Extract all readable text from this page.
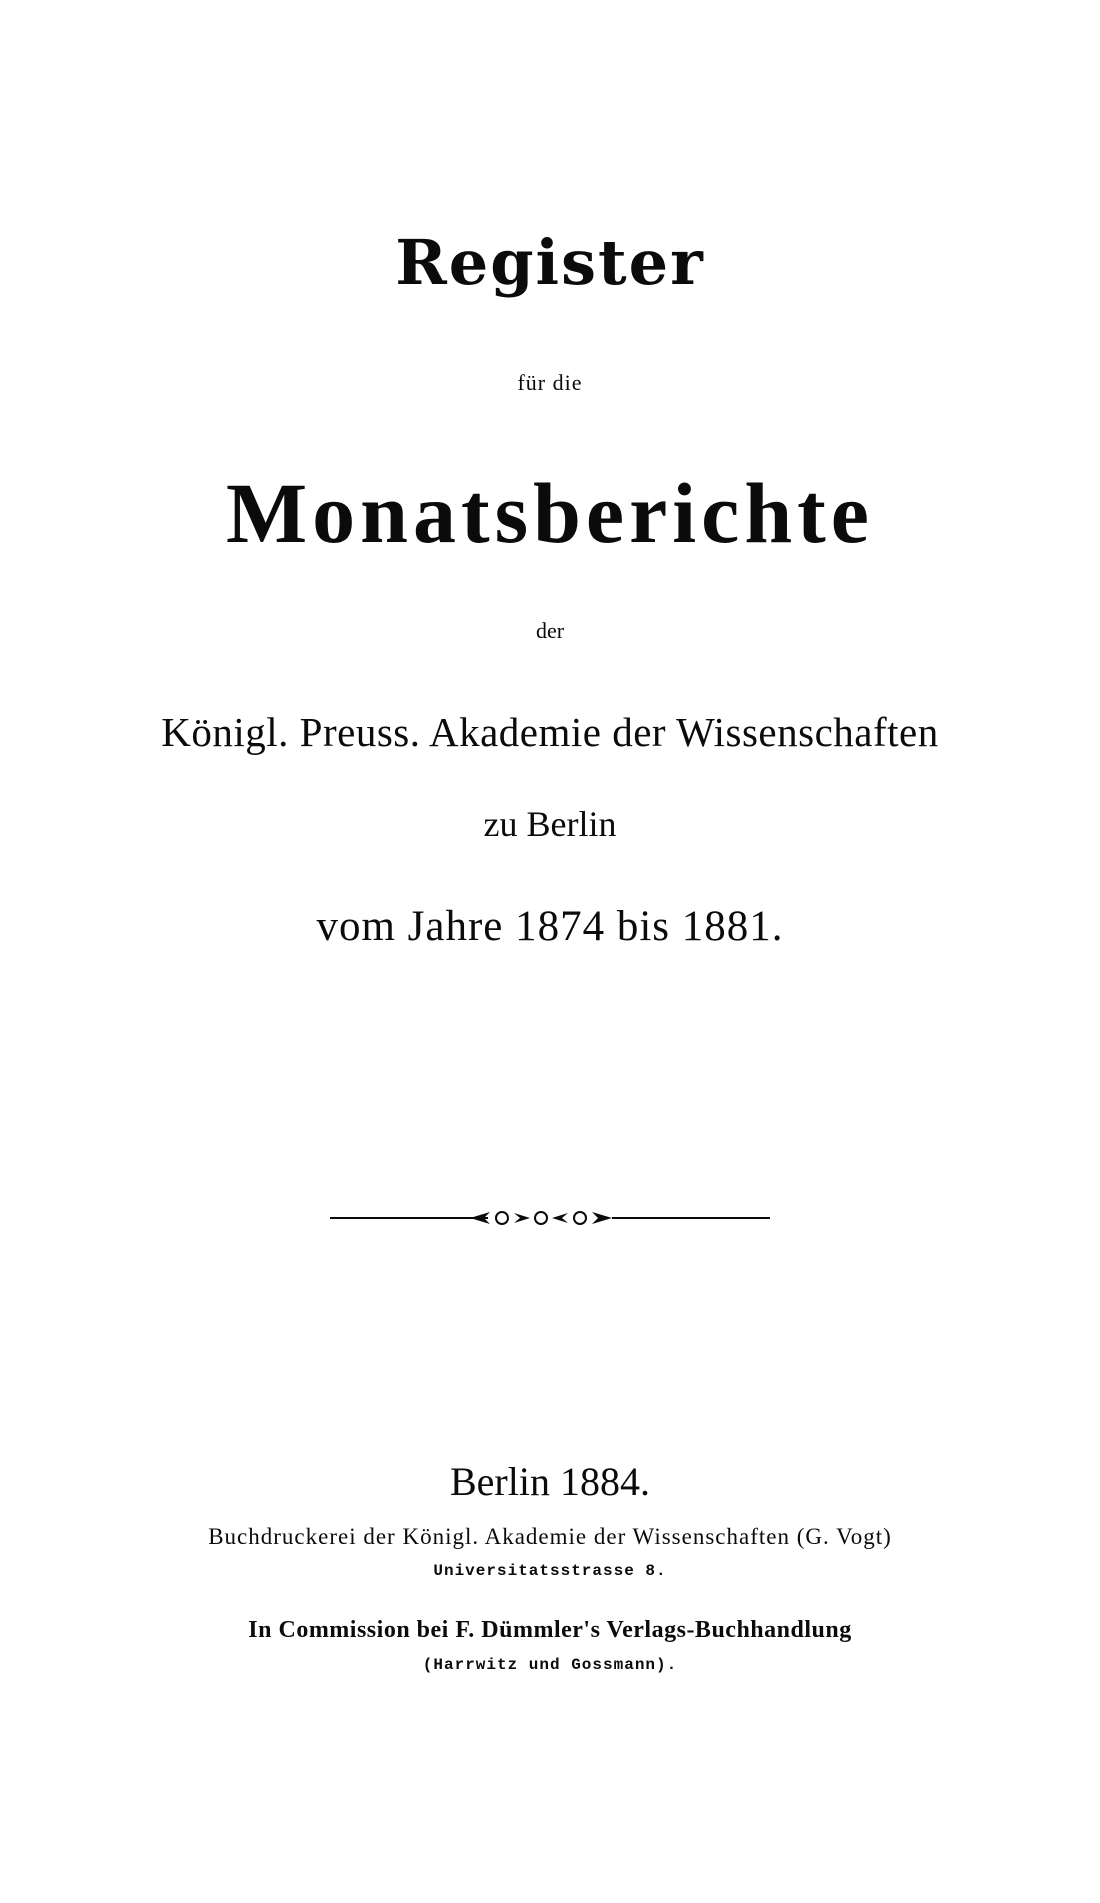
Register
für die
Monatsberichte
der
Königl. Preuss. Akademie der Wissenschaften
zu Berlin
vom Jahre 1874 bis 1881.
Berlin 1884.
Buchdruckerei der Königl. Akademie der Wissenschaften (G. Vogt)
Universitatsstrasse 8.
In Commission bei F. Dümmler's Verlags-Buchhandlung
(Harrwitz und Gossmann).
